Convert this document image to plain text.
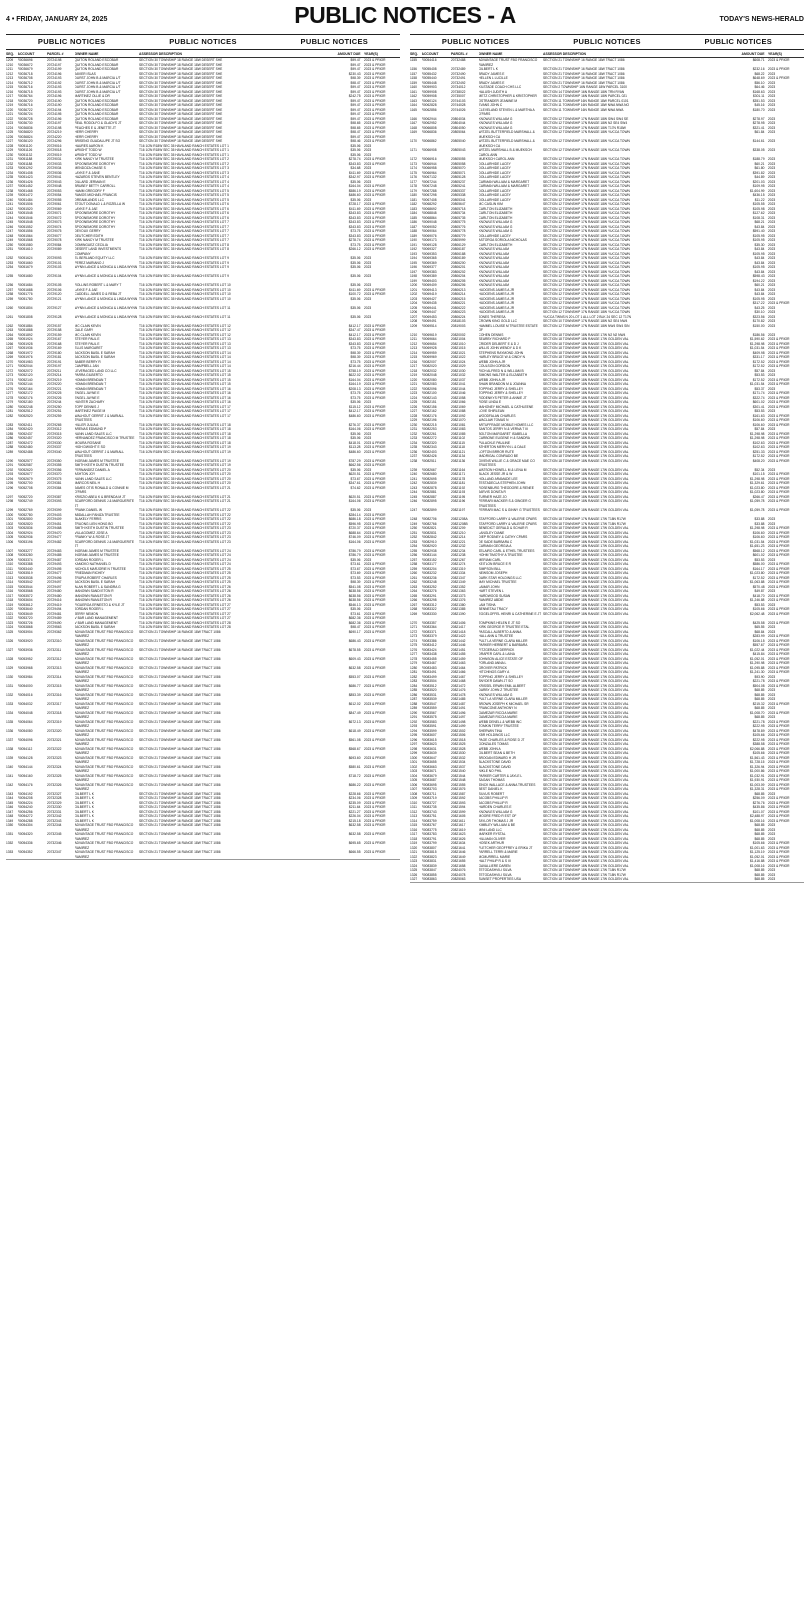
4 • FRIDAY, JANUARY 24, 2025	PUBLIC NOTICES - A	TODAY'S NEWS-HERALD
PUBLIC NOTICES	PUBLIC NOTICES	PUBLIC NOTICES
SEQ. ACCOUNT	PARCEL #	OWNER NAME	ASSESSOR DESCRIPTION	AMOUNT DUE	YEAR(S)
1209	R0036696	20724198	QUITON ROLAND ESCOBAR	SECTION 30 TOWNSHIP 18 RANGE 18W DESERT SHE	$99.47	2023 & PRIOR
1210	R0036672	20724197	QUITON ROLAND ESCOBAR	SECTION 30 TOWNSHIP 18 RANGE 18W DESERT SHE	$99.47	2023 & PRIOR
1211	R0036679	20724199	QUITON ROLAND ESCOBAR	SECTION 30 TOWNSHIP 18 RANGE 18W DESERT SHE	$99.47	2023 & PRIOR
1212	R0036718	20724196	JAVIER ISLAS	SECTION 30 TOWNSHIP 18 RANGE 18W DESERT SHE	$230.43	2023 & PRIOR
1213	R0036708	20724193	DURST JOHN B & MARCIA L/T	SECTION 30 TOWNSHIP 18 RANGE 18W DESERT SHE	$98.39	2023 & PRIOR
1214	R0036712	20724192	DURST JOHN B & MARCIA L/T	SECTION 30 TOWNSHIP 18 RANGE 18W DESERT SHE	$98.47	2023 & PRIOR
1215	R0036716	20724193	DURST JOHN B & MARCIA L/T	SECTION 30 TOWNSHIP 18 RANGE 18W DESERT SHE	$99.47	2023 & PRIOR
1216	R0036715	20724193	DURST JOHN B & MARCIA L/T	SECTION 30 TOWNSHIP 18 RANGE 18W DESERT SHE	$99.47	2023 & PRIOR
1217	R0036764	20724196	MARTINEZ OLLIE & DR	SECTION 30 TOWNSHIP 18 RANGE 18W DESERT SHE	$242.75	2023 & PRIOR
1218	R0036720	20724190	QUITON ROLAND ESCOBAR	SECTION 30 TOWNSHIP 18 RANGE 18W DESERT SHE	$99.47	2023 & PRIOR
1219	R0036716	20724190	QUITON ROLAND ESCOBAR	SECTION 30 TOWNSHIP 18 RANGE 18W DESERT SHE	$99.47	2023 & PRIOR
1220	R0036722	20724194	QUITON ROLAND ESCOBAR	SECTION 30 TOWNSHIP 18 RANGE 18W DESERT SHE	$99.47	2023 & PRIOR
1221	R0036724	20724195	QUITON ROLAND ESCOBAR	SECTION 30 TOWNSHIP 18 RANGE 18W DESERT SHE	$99.47	2023 & PRIOR
1222	R0036728	20724196	QUITON ROLAND ESCOBAR	SECTION 30 TOWNSHIP 18 RANGE 18W DESERT SHE	$99.47	2023 & PRIOR
1223	R0036730	20724197	REAL RODOLFO & GLADYS JT	SECTION 30 TOWNSHIP 18 RANGE 18W DESERT SHE	$98.65	2023 & PRIOR
1224	R0036836	20724198	PEACHES E & JENETTE JT	SECTION 30 TOWNSHIP 18 RANGE 18W DESERT SHE	$98.65	2023 & PRIOR
1225	R0036820	20724219	HERR CHERRY	SECTION 30 TOWNSHIP 18 RANGE 18W DESERT SHE	$98.47	2023 & PRIOR
1226	R0036824	20724220	HERR CHERRY	SECTION 30 TOWNSHIP 18 RANGE 18W DESERT SHE	$99.47	2023 & PRIOR
1227	R0036120	20724296	BRISENO GUADALUPE JT SO	SECTION 30 TOWNSHIP 18 RANGE 18W DESERT SHE	$98.46	2023 & PRIOR
1228	R0051120	20729016	HAURES AARON K	T16 1/2N R18W SEC 35 HAVILAND RANCH ESTATES LOT 1	$35.06	2023
1229	R0051126	20729018	WRIGHT TODD W	T16 1/2N R18W SEC 35 HAVILAND RANCH ESTATES LOT 1	$35.06	2023
1230	R0051132	20729019	WRIGHT TODD W	T16 1/2N R18W SEC 35 HAVILAND RANCH ESTATES LOT 1	$35.06	2023
1231	R0051188	20729031	KIRK NANCY M TRUSTEE	T16 1/2N R18W SEC 35 HAVILAND RANCH ESTATES LOT 2	$278.74	2023 & PRIOR
1232	R0051188	20729033	SPOONEMORE DOROTHY	T16 1/2N R18W SEC 35 HAVILAND RANCH ESTATES LOT 2	$343.83	2023 & PRIOR
1233	R0051292	20729034	MENDOZA CHASE S	T16 1/2N R18W SEC 35 HAVILAND RANCH ESTATES LOT 3	$34.68	2023
1234	R0051408	20729036	LAYKE F & JANE	T16 1/2N R18W SEC 35 HAVILAND RANCH ESTATES LOT 3	$411.69	2023 & PRIOR
1235	R0051423	20729041	HAZARDS STEVEN BENTLEY	T16 1/2N R18W SEC 35 HAVILAND RANCH ESTATES LOT 4	$342.97	2023 & PRIOR
1236	R0051426	20729043	DILLARD JERMAN E	T16 1/2N R18W SEC 35 HAVILAND RANCH ESTATES LOT 4	$35.06	2023
1237	R0051452	20729048	BRUBEY BETTY CARROLL	T16 1/2N R18W SEC 35 HAVILAND RANCH ESTATES LOT 4	$164.04	2023 & PRIOR
1238	R0051468	20729053	HAMM GREGORY F	T16 1/2N R18W SEC 35 HAVILAND RANCH ESTATES LOT 5	$586.19	2023 & PRIOR
1239	R0051472	20729054	RAMOS MICHAEL FRANCIS	T16 1/2N R18W SEC 35 HAVILAND RANCH ESTATES LOT 5	$486.60	2023 & PRIOR
1240	R0051484	20729055	DREAMLANDS LLC	T16 1/2N R18W SEC 35 HAVILAND RANCH ESTATES LOT 5	$35.06	2023
1241	R0051506	20729061	STOUT DONALD L & ROZELLA W	T16 1/2N R18W SEC 35 HAVILAND RANCH ESTATES LOT 6	$728.17	2023 & PRIOR
1242	R0051520	20729069	LAYKE F & JAE	T16 1/2N R18W SEC 35 HAVILAND RANCH ESTATES LOT 6	$411.69	2023 & PRIOR
1243	R0051548	20729071	SPOONEMORE DOROTHY	T16 1/2N R18W SEC 35 HAVILAND RANCH ESTATES LOT 6	$343.83	2023 & PRIOR
1244	R0051546	20729072	SPOONEMORE DOROTHY	T16 1/2N R18W SEC 35 HAVILAND RANCH ESTATES LOT 6	$343.83	2023 & PRIOR
1245	R0051548	20729073	SPOONEMORE DOROTHY	T16 1/2N R18W SEC 35 HAVILAND RANCH ESTATES LOT 7	$343.83	2023 & PRIOR
1246	R0051552	20729074	SPOONEMORE DOROTHY	T16 1/2N R18W SEC 35 HAVILAND RANCH ESTATES LOT 7	$343.83	2023 & PRIOR
1247	R0051556	20729075	DEVOUX GERRY	T16 1/2N R18W SEC 35 HAVILAND RANCH ESTATES LOT 7	$73.75	2023 & PRIOR
1248	R0051564	20729077	DEUTCHER EDITH	T16 1/2N R18W SEC 35 HAVILAND RANCH ESTATES LOT 7	$343.83	2023 & PRIOR
1249	R0051568	20729078	KIRK NANCY M TRUSTEE	T16 1/2N R18W SEC 35 HAVILAND RANCH ESTATES LOT 7	$278.74	2023 & PRIOR
1250	R0051580	20729084	DOMINGUEZ CECILIA	T16 1/2N R18W SEC 35 HAVILAND RANCH ESTATES LOT 8	$73.75	2023 & PRIOR
1251	R0051610	20729089	DESERT LAND INVESTMENTS COMPANY
T16 1/2N R18W SEC 35 HAVILAND RANCH ESTATES LOT 8	$266.12	2023 & PRIOR
1252	R0051624	20729093	EL BERLAND EQUITY LLC	T16 1/2N R18W SEC 35 HAVILAND RANCH ESTATES LOT 9	$35.06	2023
1253	R0051660	20729101	PEREZ MARIANO J	T16 1/2N R18W SEC 35 HAVILAND RANCH ESTATES LOT 9	$35.06	2023
1254	R0051679	20729103	WYNN LANCE & MONICA & LINDA WYNN T16 1/2N R18W SEC 35 HAVILAND RANCH ESTATES LOT 9	$35.06	2023
1255	R0051680	20729104	WYNN LANCE & MONICA & LINDA WYNN T16 1/2N R18W SEC 35 HAVILAND RANCH ESTATES LOT 9	$35.06	2023
1256	R0051684	20729105	ROLLINS ROBERT L & MARY T	T16 1/2N R18W SEC 35 HAVILAND RANCH ESTATES LOT 10	$35.06	2023
1257	R0051688	20729106	LAYKE F & JAE	T16 1/2N R18W SEC 35 HAVILAND RANCH ESTATES LOT 10	$411.69	2023 & PRIOR
1258	R0051776	20729120	CADDELL JAMES D & REBA JT	T16 1/2N R18W SEC 35 HAVILAND RANCH ESTATES LOT 10	$100.72	2023 & PRIOR
1259	R0051780	20729121	WYNN LANCE & MONICA & LINDA WYNN T16 1/2N R18W SEC 35 HAVILAND RANCH ESTATES LOT 10	$35.06	2023
1260	R0051804	20729127	WYNN LANCE & MONICA & LINDA WYNN T16 1/2N R18W SEC 35 HAVILAND RANCH ESTATES LOT 11	$35.06	2023
1261	R0051808	20729128	WYNN LANCE & MONICA & LINDA WYNN T16 1/2N R18W SEC 35 HAVILAND RANCH ESTATES LOT 11	$35.06	2023
1262	R0051884	20729157	MC CLAIN KEVIN	T16 1/2N R18W SEC 35 HAVILAND RANCH ESTATES LOT 12	$412.17	2023 & PRIOR
1263	R0051888	20729158	GALE GARY	T16 1/2N R18W SEC 35 HAVILAND RANCH ESTATES LOT 12	$347.47	2023 & PRIOR
1264	R0051892	20729159	MC CLAIN KEVIN	T16 1/2N R18W SEC 35 HAVILAND RANCH ESTATES LOT 12	$412.17	2023 & PRIOR
1265	R0051924	20729167	STEYER PAUL E	T16 1/2N R18W SEC 35 HAVILAND RANCH ESTATES LOT 13	$343.83	2023 & PRIOR
1266	R0051928	20729168	STEYER PAUL E	T16 1/2N R18W SEC 35 HAVILAND RANCH ESTATES LOT 13	$343.83	2023 & PRIOR
1267	R0051936	20729169	ELLIS MARGARET	T16 1/2N R18W SEC 35 HAVILAND RANCH ESTATES LOT 13	$73.75	2023 & PRIOR
1268	R0051972	20729180	JACKSON BASIL E SARAH	T16 1/2N R18W SEC 35 HAVILAND RANCH ESTATES LOT 14	$98.39	2023 & PRIOR
1269	R0051976	20729181	JACKSON BASIL E SARAH	T16 1/2N R18W SEC 35 HAVILAND RANCH ESTATES LOT 14	$98.39	2023 & PRIOR
1270	R0051983	20729191	BABER BERRY R	T16 1/2N R18W SEC 35 HAVILAND RANCH ESTATES LOT 14	$73.75	2023 & PRIOR
1271	R0052044	20729197	CAMPBELL JAN	T16 1/2N R18W SEC 35 HAVILAND RANCH ESTATES LOT 14	$216.44	2023 & PRIOR
1272	R0052072	20729211	LEVERAGED LAND CO LLC	T16 1/2N R18W SEC 35 HAVILAND RANCH ESTATES LOT 15	$758.19	2023 & PRIOR
1273	R0052120	20729214	PARRA GILBERTO	T16 1/2N R18W SEC 35 HAVILAND RANCH ESTATES LOT 15	$622.02	2023 & PRIOR
1274	R0052140	20729219	HOMAN BRENDAN T	T16 1/2N R18W SEC 35 HAVILAND RANCH ESTATES LOT 15	$164.04	2023 & PRIOR
1275	R0052144	20729220	HOMAN BRENDAN T	T16 1/2N R18W SEC 35 HAVILAND RANCH ESTATES LOT 15	$164.19	2023 & PRIOR
1276	R0052164	20729221	HOMAN BRENDAN T	T16 1/2N R18W SEC 35 HAVILAND RANCH ESTATES LOT 16	$208.13	2023 & PRIOR
1277	R0052172	20729225	ENGEL JAYNE E	T16 1/2N R18W SEC 35 HAVILAND RANCH ESTATES LOT 16	$73.75	2023 & PRIOR
1278	R0052176	20729226	ENGEL JAYNE E	T16 1/2N R18W SEC 35 HAVILAND RANCH ESTATES LOT 16	$73.75	2023 & PRIOR
1279	R0052180	20729244	HUNTER ZACHARY	T16 1/2N R18W SEC 35 HAVILAND RANCH ESTATES LOT 16	$35.06	2023
1280	R0052248	20729250	TOPF DENNIS J	T16 1/2N R18W SEC 35 HAVILAND RANCH ESTATES LOT 17	$115.12	2023 & PRIOR
1281	R0052512	20729251	MARTINEZ PAIGE M	T16 1/2N R18W SEC 35 HAVILAND RANCH ESTATES LOT 17	$412.17	2023 & PRIOR
1282	R0052520	20729259	WALHOUT GERRIT J & MARIALL TRUSTEES
T16 1/2N R18W SEC 35 HAVILAND RANCH ESTATES LOT 17	$486.60	2023 & PRIOR
1283	R0052411	20729265	HILLER JULIA A	T16 1/2N R18W SEC 35 HAVILAND RANCH ESTATES LOT 18	$276.37	2023 & PRIOR
1284	R0052420	20729312	ARENAS EDMUND P	T16 1/2N R18W SEC 35 HAVILAND RANCH ESTATES LOT 18	$164.06	2023 & PRIOR
1285	R0052437	20729315	NUNN LAND SALES LLC	T16 1/2N R18W SEC 35 HAVILAND RANCH ESTATES LOT 18	$35.06	2023
1286	R0052457	20729320	HERNANDEZ FRANCISCO M TRUSTEE	T16 1/2N R18W SEC 35 HAVILAND RANCH ESTATES LOT 18	$35.06	2023
1287	R0052472	20729330	MOURA ROSANE	T16 1/2N R18W SEC 35 HAVILAND RANCH ESTATES LOT 18	$418.01	2023 & PRIOR
1288	R0052480	20729337	HIGH DWIGHT E SO	T16 1/2N R18W SEC 35 HAVILAND RANCH ESTATES LOT 19	$113.28	2023 & PRIOR
1289	R0052488	20729340	WALHOUT GERRIT J & MARIALL TRUSTEES
T16 1/2N R18W SEC 35 HAVILAND RANCH ESTATES LOT 19	$486.60	2023 & PRIOR
1290	R0052577	20729350	INGRAM JAMES M TRUSTEE	T16 1/2N R18W SEC 35 HAVILAND RANCH ESTATES LOT 19	$787.29	2023 & PRIOR
1291	R0052587	20729355	SMITH KEITH DUSTIN TRUSTEE	T16 1/2N R18W SEC 35 HAVILAND RANCH ESTATES LOT 19	$662.56	2023 & PRIOR
1292	R0052620	20729356	FERNANDEZ DANIEL A	T16 1/2N R18W SEC 35 HAVILAND RANCH ESTATES LOT 20	$35.06	2023
1293	R0052677	20729370	ASHTON JOY	T16 1/2N R18W SEC 35 HAVILAND RANCH ESTATES LOT 20	$620.51	2023 & PRIOR
1294	R0052679	20729375	NUNN LAND SALES LLC	T16 1/2N R18W SEC 35 HAVILAND RANCH ESTATES LOT 20	$73.67	2023 & PRIOR
1295	R0052700	20729381	MARCOS NEIL H	T16 1/2N R18W SEC 35 HAVILAND RANCH ESTATES LOT 20	$347.61	2023 & PRIOR
1296	R0052708	20729384	JAMES OTIS RONALD & CONNIE M O'PARS
T16 1/2N R18W SEC 35 HAVILAND RANCH ESTATES LOT 21	$74.62	2023 & PRIOR
1297	R0052720	20729387	KRISZIO ABEU K & BRENDA M JT	T16 1/2N R18W SEC 35 HAVILAND RANCH ESTATES LOT 21	$620.51	2023 & PRIOR
1298	R0052749	20729393	SCARFORD DENNIS J & MARGUERITE JT
T16 1/2N R18W SEC 35 HAVILAND RANCH ESTATES LOT 21	$164.06	2023 & PRIOR
1299	R0052769	20729399	FRANK DANIEL W	T16 1/2N R18W SEC 35 HAVILAND RANCH ESTATES LOT 22	$35.06	2023
1300	R0052780	20729403	ABDALLAH FANIZA TRUSTEE	T16 1/2N R18W SEC 35 HAVILAND RANCH ESTATES LOT 22	$284.14	2023 & PRIOR
1301	R0052800	20729409	BLAKELY FERRIS	T16 1/2N R18W SEC 35 HAVILAND RANCH ESTATES LOT 22	$686.18	2023 & PRIOR
1302	R0052820	20729451	TRUONG LIEN HONG BO	T16 1/2N R18W SEC 35 HAVILAND RANCH ESTATES LOT 22	$596.95	2023 & PRIOR
1303	R0052836	20729468	SMITH KEITH DUSTIN TRUSTEE	T16 1/2N R18W SEC 35 HAVILAND RANCH ESTATES LOT 23	$720.37	2023 & PRIOR
1304	R0052924	20729470	VILLAGOMEZ JOSE A	T16 1/2N R18W SEC 35 HAVILAND RANCH ESTATES LOT 23	$688.64	2023 & PRIOR
1305	R0052936	20729477	FRANKY W & ROSE JT	T16 1/2N R18W SEC 35 HAVILAND RANCH ESTATES LOT 23	$746.09	2023 & PRIOR
1306	R0053196	20729482	SCARFORD DENNIS J & MARGUERITE JT
T16 1/2N R18W SEC 35 HAVILAND RANCH ESTATES LOT 23	$164.06	2023 & PRIOR
1307	R0053277	20729483	INGRAM JAMES M TRUSTEE	T16 1/2N R18W SEC 35 HAVILAND RANCH ESTATES LOT 24	$786.79	2023 & PRIOR
1308	R0053280	20729485	INGRAM JAMES M TRUSTEE	T16 1/2N R18W SEC 35 HAVILAND RANCH ESTATES LOT 24	$786.79	2023 & PRIOR
1309	R0053374	20729487	JORDAN ROGER L	T16 1/2N R18W SEC 35 HAVILAND RANCH ESTATES LOT 24	$35.06	2023
1310	R0053388	20729493	KAMOKO NATHANIEL D	T16 1/2N R18W SEC 35 HAVILAND RANCH ESTATES LOT 24	$73.61	2023 & PRIOR
1311	R0053440	20729495	NICHOLS MARJORIE N TRUSTEE	T16 1/2N R18W SEC 35 HAVILAND RANCH ESTATES LOT 25	$73.67	2023 & PRIOR
1312	R0053519	20729477	FRIEDMAN RICHEY	T16 1/2N R18W SEC 35 HAVILAND RANCH ESTATES LOT 25	$73.69	2023 & PRIOR
1313	R0053538	20729496	TRUPIA ROBERT CHARLES	T16 1/2N R18W SEC 35 HAVILAND RANCH ESTATES LOT 25	$73.53	2023 & PRIOR
1314	R0053542	20729497	JACKSON BASIL E SARAH	T16 1/2N R18W SEC 35 HAVILAND RANCH ESTATES LOT 25	$98.39	2023 & PRIOR
1315	R0053544	20729497	ALAN ROBERT L & SANDRA G	T16 1/2N R18W SEC 35 HAVILAND RANCH ESTATES LOT 26	$541.08	2023 & PRIOR
1316	R0053568	20729480	MANOWN SANDI ETON R	T16 1/2N R18W SEC 35 HAVILAND RANCH ESTATES LOT 26	$638.56	2023 & PRIOR
1317	R0053572	20729480	MANOWN RAMLETON R	T16 1/2N R18W SEC 35 HAVILAND RANCH ESTATES LOT 26	$638.56	2023 & PRIOR
1318	R0053604	20729416	MANOWN RAMLETON R	T16 1/2N R18W SEC 35 HAVILAND RANCH ESTATES LOT 26	$638.56	2023 & PRIOR
1319	R0053612	20729419	FIGUEROA ERNESTO & KYLE JT	T16 1/2N R18W SEC 35 HAVILAND RANCH ESTATES LOT 27	$546.13	2023 & PRIOR
1320	R0053640	20729494	JORDAN ROGER L	T16 1/2N R18W SEC 35 HAVILAND RANCH ESTATES LOT 27	$35.06	2023
1321	R0053649	20729481	JERRY NEMON	T16 1/2N R18W SEC 35 HAVILAND RANCH ESTATES LOT 27	$73.61	2023 & PRIOR
1322	R0053720	20729489	V BAR LAND MANAGEMENT	T16 1/2N R18W SEC 35 HAVILAND RANCH ESTATES LOT 27	$682.36	2023 & PRIOR
1323	R0053726	20729490	V BAR LAND MANAGEMENT	T16 1/2N R18W SEC 35 HAVILAND RANCH ESTATES LOT 28	$682.36	2023 & PRIOR
1324	R0053868	20729563	JACKSON BASIL E SARAH	T16 1/2N R18W SEC 35 HAVILAND RANCH ESTATES LOT 28	$98.47	2023 & PRIOR
1325	R0053904	20729362	ADVANTAGE TRUST FBO FRANCISCO RAMIREZ
SECTION 21 TOWNSHIP 16 RANGE 18W TRACT 1086	$690.17	2023 & PRIOR
1326	R0053920	20732310	ADVANTAGE TRUST FBO FRANCISCO RAMIREZ
SECTION 21 TOWNSHIP 16 RANGE 18W TRACT 1086	$686.43	2023 & PRIOR
1327	R0053936	20732311	ADVANTAGE TRUST FBO FRANCISCO RAMIREZ
SECTION 21 TOWNSHIP 16 RANGE 18W TRACT 1086	$678.55	2023 & PRIOR
1328	R0053952	20732312	ADVANTAGE TRUST FBO FRANCISCO RAMIREZ
SECTION 21 TOWNSHIP 16 RANGE 18W TRACT 1086	$609.43	2023 & PRIOR
1329	R0053968	20732313	ADVANTAGE TRUST FBO FRANCISCO RAMIREZ
SECTION 21 TOWNSHIP 16 RANGE 18W TRACT 1086	$632.58	2023 & PRIOR
1330	R0053984	20732314	ADVANTAGE TRUST FBO FRANCISCO RAMIREZ
SECTION 21 TOWNSHIP 16 RANGE 18W TRACT 1086	$553.07	2023 & PRIOR
1331	R0054000	20732315	ADVANTAGE TRUST FBO FRANCISCO RAMIREZ
SECTION 21 TOWNSHIP 16 RANGE 18W TRACT 1086	$686.77	2023 & PRIOR
1332	R0054016	20732316	ADVANTAGE TRUST FBO FRANCISCO RAMIREZ
SECTION 21 TOWNSHIP 16 RANGE 18W TRACT 1086	$853.39	2023 & PRIOR
1333	R0054032	20732317	ADVANTAGE TRUST FBO FRANCISCO RAMIREZ
SECTION 21 TOWNSHIP 16 RANGE 18W TRACT 1086	$612.02	2023 & PRIOR
1334	R0054048	20732318	ADVANTAGE TRUST FBO FRANCISCO RAMIREZ
SECTION 21 TOWNSHIP 16 RANGE 18W TRACT 1086	$847.49	2023 & PRIOR
1335	R0054064	20732319	ADVANTAGE TRUST FBO FRANCISCO RAMIREZ
SECTION 21 TOWNSHIP 16 RANGE 18W TRACT 1086	$672.13	2023 & PRIOR
1336	R0054080	20732320	ADVANTAGE TRUST FBO FRANCISCO RAMIREZ
SECTION 21 TOWNSHIP 16 RANGE 18W TRACT 1086	$618.49	2023 & PRIOR
1337	R0054096	20732321	ADVANTAGE TRUST FBO FRANCISCO RAMIREZ
SECTION 21 TOWNSHIP 16 RANGE 18W TRACT 1086	$561.08	2023 & PRIOR
1338	R0054112	20732322	ADVANTAGE TRUST FBO FRANCISCO RAMIREZ
SECTION 21 TOWNSHIP 16 RANGE 18W TRACT 1086	$568.67	2023 & PRIOR
1339	R0054128	20732323	ADVANTAGE TRUST FBO FRANCISCO RAMIREZ
SECTION 21 TOWNSHIP 16 RANGE 18W TRACT 1086	$693.60	2023 & PRIOR
1340	R0054144	20732324	ADVANTAGE TRUST FBO FRANCISCO RAMIREZ
SECTION 21 TOWNSHIP 16 RANGE 18W TRACT 1086	$580.61	2023 & PRIOR
1341	R0054160	20732325	ADVANTAGE TRUST FBO FRANCISCO RAMIREZ
SECTION 21 TOWNSHIP 16 RANGE 18W TRACT 1086	$718.72	2023 & PRIOR
1342	R0054176	20732326	ADVANTAGE TRUST FBO FRANCISCO RAMIREZ
SECTION 21 TOWNSHIP 16 RANGE 18W TRACT 1086	$686.22	2023 & PRIOR
1343	R0054192	20732327	GILBERT L K	SECTION 21 TOWNSHIP 16 RANGE 18W TRACT 1086	$228.66	2023 & PRIOR
1344	R0054208	20732328	GILBERT L K	SECTION 21 TOWNSHIP 16 RANGE 18W TRACT 1086	$234.06	2023 & PRIOR
1345	R0054224	20732329	GILBERT L K	SECTION 21 TOWNSHIP 16 RANGE 18W TRACT 1086	$235.09	2023 & PRIOR
1346	R0054240	20732330	GILBERT L K	SECTION 21 TOWNSHIP 16 RANGE 18W TRACT 1086	$211.64	2023 & PRIOR
1347	R0054256	20732331	GILBERT L K	SECTION 21 TOWNSHIP 16 RANGE 18W TRACT 1086	$221.27	2023 & PRIOR
1348	R0054272	20732342	GILBERT L K	SECTION 21 TOWNSHIP 16 RANGE 18W TRACT 1086	$226.04	2023 & PRIOR
1349	R0054288	20732343	GILBERT L K	SECTION 21 TOWNSHIP 16 RANGE 18W TRACT 1086	$215.18	2023 & PRIOR
1350	R0054304	20732344	ADVANTAGE TRUST FBO FRANCISCO RAMIREZ
SECTION 21 TOWNSHIP 16 RANGE 18W TRACT 1086	$632.58	2023 & PRIOR
1351	R0054320	20732345	ADVANTAGE TRUST FBO FRANCISCO RAMIREZ
SECTION 21 TOWNSHIP 16 RANGE 18W TRACT 1086	$632.58	2023 & PRIOR
1352	R0054336	20732346	ADVANTAGE TRUST FBO FRANCISCO RAMIREZ
SECTION 21 TOWNSHIP 16 RANGE 18W TRACT 1086	$695.65	2023 & PRIOR
1353	R0054352	20732347	ADVANTAGE TRUST FBO FRANCISCO RAMIREZ
SECTION 21 TOWNSHIP 16 RANGE 18W TRACT 1086	$666.55	2023 & PRIOR
PUBLIC NOTICES	PUBLIC NOTICES	PUBLIC NOTICES
SEQ. ACCOUNT	PARCEL #	OWNER NAME	ASSESSOR DESCRIPTION	AMOUNT DUE	YEAR(S)
1155	R0054416	20732488	ADVANTAGE TRUST FBO FRANCISCO RAMIREZ
SECTION 21 TOWNSHIP 16 RANGE 18W TRACT 1086	$608.71	2023 & PRIOR
1156	R0055408	20732489	GILBERT L K	SECTION 21 TOWNSHIP 16 RANGE 18W TRACT 1086	$232.16	2023 & PRIOR
1157	R0055432	20732490	BRADY JAMES E	SECTION 21 TOWNSHIP 16 RANGE 18W TRACT 1086	$68.22	2023
1158	R0055440	20732491	HELLEN L LUCILLE	SECTION 21 TOWNSHIP 16 RANGE 18W TRACT 1086	$648.69	2023 & PRIOR
1159	R0055448	20732492	BRADY JAMES E	SECTION 21 TOWNSHIP 16 RANGE 18W TRACT 1086	$56.10	2023
1160	R0059903	20734012	KILSTADE COACH CHS LLC	SECTION 2 TOWNSHIP 16N RANGE 18W PARCEL 3100	$64.46	2023
1161	R0059908	20738022	HALUSH JUDITH A	SECTION 14 TOWNSHIP 16N RANGE 18W TRN RYAN	$168.63	2023
1162	R0059908	20735007	METZ CHRISTOPHER & KRISTOPHER	SECTION 33 TOWNSHIP 16N RANGE 18W PARCEL 021	$301.11	2023
1163	R0060124	20744103	OSTRANDER JEANINE M	SECTION 11 TOWNSHIP 16N RANGE 18W PARCEL 0101	$351.53	2023
1164	R0062828	20744028	EVANS JOHN C	SECTION 11 TOWNSHIP 16N RANGE 18W NWA NWA NO	$45.16	2023
1165	R0062856	20744026	CLEVELAND STEVEN L & MARTHA A O'PARS
SECTION 11 TOWNSHIP 16N RANGE 18W NWA NWA	$180.70	2023
1166	R0062944	20804034	KNOWLES WILLIAM G	SECTION 12 TOWNSHIP 17N RANGE 18W SW4 SW4 SE	$278.97	2023
1167	R0062952	20804044	KNOWLES WILLIAM G	SECTION 12 TOWNSHIP 17N RANGE 18W N2 SE4 SW4	$278.95	2023
1168	R0066808	20804050	KNOWLES WILLIAM G	SECTION 12 TOWNSHIP 17N RANGE 18W T17N R18W	$321.41	2023
1169	R0066836	20805064	WITZEL BUTTERFIELD MARSHALL & MUEKSCH CA
SECTION 12 TOWNSHIP 17N RANGE 18W YUCCA TOWN	$61.84	2023
1170	R0066862	20805040	WITZEL BUTTERFIELD MARSHALL & MUEKSCH CA
SECTION 12 TOWNSHIP 17N RANGE 18W YUCCA TOWN	$144.61	2023
1171	R0066908	20805043	WITZEL MARSHALL B & MUEKSCH CAROL ANN
SECTION 12 TOWNSHIP 17N RANGE 18W YUCCA TOWN	$338.05	2023
1172	R0066916	20805055	MUEKSCH CAROL ANN	SECTION 12 TOWNSHIP 17N RANGE 18W YUCCA TOWN	$188.79	2023
1173	R0066944	20805058	DOLLARHIDE LACEY	SECTION 12 TOWNSHIP 17N RANGE 18W YUCCA TOWN	$60.21	2023
1174	R0066958	20805070	DOLLARHIDE LACEY	SECTION 12 TOWNSHIP 17N RANGE 18W YUCCA TOWN	$61.80	2023
1175	R0066964	20805071	DOLLARHIDE LACEY	SECTION 12 TOWNSHIP 17N RANGE 18W YUCCA TOWN	$391.82	2023
1176	R0067132	20805128	DOLLARHIDE LACEY	SECTION 12 TOWNSHIP 17N RANGE 18W YUCCA TOWN	$44.89	2023
1177	R0067244	20805237	CARMAN WILLIAM & MARGARET	SECTION 12 TOWNSHIP 17N RANGE 18W YUCCA TOWN	$201.03	2023
1178	R0067248	20805241	CARMAN WILLIAM & MARGARET	SECTION 12 TOWNSHIP 17N RANGE 18W YUCCA TOWN	$109.95	2023
1179	R0067288	20805337	DOLLARHIDE LACEY	SECTION 12 TOWNSHIP 17N RANGE 18W YUCCA TOWN	$1,604.99	2023
1180	R0067298	20805338	DOLLARHIDE LACEY	SECTION 12 TOWNSHIP 17N RANGE 18W YUCCA TOWN	$436.15	2023
1181	R0067408	20805341	DOLLARHIDE LACEY	SECTION 12 TOWNSHIP 17N RANGE 18W YUCCA TOWN	$11.22	2023
1182	R0068292	20805647	MC CASLIN KIM	SECTION 12 TOWNSHIP 17N RANGE 18W YUCCA TOWN	$105.55	2023
1183	R0068692	20805718	CARLTON ELIZABETH	SECTION 12 TOWNSHIP 17N RANGE 18W YUCCA TOWN	$105.98	2023
1184	R0068848	20805734	CARLTON ELIZABETH	SECTION 12 TOWNSHIP 17N RANGE 18W YUCCA TOWN	$127.62	2023
1185	R0068864	20805735	CARLTON ELIZABETH	SECTION 12 TOWNSHIP 17N RANGE 18W YUCCA TOWN	$108.31	2023
1186	R0069048	20805775	KNOWLES WILLIAM G	SECTION 12 TOWNSHIP 17N RANGE 18W YUCCA TOWN	$68.21	2023
1187	R0069052	20805776	KNOWLES WILLIAM G	SECTION 12 TOWNSHIP 17N RANGE 18W YUCCA TOWN	$43.84	2023
1188	R0069064	20805778	KNOWLES WILLIAM G	SECTION 12 TOWNSHIP 17N RANGE 18W YUCCA TOWN	$591.40	2023
1189	R0069076	20805779	DOLLARHIDE LACEY	SECTION 12 TOWNSHIP 17N RANGE 18W YUCCA TOWN	$105.95	2023
1190	R0069173	20805999	ASTORGA SORIOLA NICHOLAS	SECTION 12 TOWNSHIP 17N RANGE 18W YUCCA TOWN	$105.95	2023
1191	R0069128	20806129	CARLTON ELIZABETH	SECTION 12 TOWNSHIP 17N RANGE 18W YUCCA TOWN	$35.30	2023
1192	R0069327	20806187	KNOWLES WILLIAM	SECTION 12 TOWNSHIP 17N RANGE 18W YUCCA TOWN	$43.84	2023
1193	R0069353	20806188	KNOWLES WILLIAM	SECTION 12 TOWNSHIP 17N RANGE 18W YUCCA TOWN	$105.95	2023
1194	R0069365	20806189	KNOWLES WILLIAM	SECTION 12 TOWNSHIP 17N RANGE 18W YUCCA TOWN	$43.84	2023
1195	R0069369	20806200	KNOWLES WILLIAM	SECTION 12 TOWNSHIP 17N RANGE 18W YUCCA TOWN	$43.84	2023
1196	R0069377	20806201	KNOWLES WILLIAM	SECTION 12 TOWNSHIP 17N RANGE 18W YUCCA TOWN	$105.95	2023
1197	R0069383	20806202	KNOWLES WILLIAM	SECTION 12 TOWNSHIP 17N RANGE 18W YUCCA TOWN	$43.84	2023
1198	R0069389	20806204	KNOWLES WILLIAM	SECTION 12 TOWNSHIP 17N RANGE 18W YUCCA TOWN	$598.43	2023
1199	R0069403	20806205	KNOWLES WILLIAM	SECTION 12 TOWNSHIP 17N RANGE 18W YUCCA TOWN	$194.22	2023
1200	R0069409	20806206	KNOWLES WILLIAM	SECTION 12 TOWNSHIP 17N RANGE 18W YUCCA TOWN	$60.21	2023
1201	R0069413	20806213	HUDGENS JAMES A JR	SECTION 12 TOWNSHIP 17N RANGE 18W YUCCA TOWN	$43.84	2023
1202	R0069419	20806214	HUDGENS JAMES A JR	SECTION 12 TOWNSHIP 17N RANGE 18W YUCCA TOWN	$43.84	2023
1203	R0069427	20806215	HUDGENS JAMES A JR	SECTION 12 TOWNSHIP 17N RANGE 18W YUCCA TOWN	$105.95	2023
1204	R0069435	20806221	HUDGENS JAMES A JR	SECTION 12 TOWNSHIP 17N RANGE 18W YUCCA TOWN	$317.22	2023 & PRIOR
1205	R0069441	20806222	HUDGENS JAMES A JR	SECTION 12 TOWNSHIP 17N RANGE 18W YUCCA TOWN	$43.25	2023
1206	R0069447	20806223	HUDGENS JAMES A JR	SECTION 12 TOWNSHIP 17N RANGE 18W YUCCA TOWN	$30.10	2023
1207	R0069453	20806224	JONES THERESA	YUCCA TWNS N 20 LOT 1 ALL LOT 2 BLK 24 SEC 12 T17N	$323.56	2023
1208	R0069491	20818103	CROWN KING GOLD LLC	SECTION 10 TOWNSHIP 17N RANGE 18W N2 SE4 NW4	$170.82	2023
1209	R0069514	20819003	HAMMEL LOUISE M TRUSTEE ESTATE OF
SECTION 12 TOWNSHIP 17N RANGE 18W NW4 SW4 SIN	$150.00	2023
1210	R0069619	20820002	COHEN DENNIS	SECTION 18 TOWNSHIP 18N RANGE 17W N2 N2 NW4	$186.56	2023
1211	R0069664	20821004	SEARBY RICHARD P	SECTION 18 TOWNSHIP 18N RANGE 17W GOLDEN VAL	$1,590.62	2023 & PRIOR
1212	R0069654	20821010	CRIDER DELBERT E & D J	SECTION 18 TOWNSHIP 18N RANGE 17W GOLDEN VAL	$1,298.98	2023 & PRIOR
1213	R0069928	20821015	WILLIS JOHN WENDY & D K	SECTION 18 TOWNSHIP 18N RANGE 17W GOLDEN VAL	$1,031.54	2023 & PRIOR
1214	R0069959	20821021	STEPHENS RAYMOND JOHN	SECTION 18 TOWNSHIP 18N RANGE 17W GOLDEN VAL	$409.98	2023 & PRIOR
1215	R0069969	20821022	HARLEY BRUCE W & CINDY N	SECTION 18 TOWNSHIP 18N RANGE 17W GOLDEN VAL	$331.17	2023 & PRIOR
1216	R0082007	20821024	WEBB JOHN A JR	SECTION 18 TOWNSHIP 18N RANGE 17W GOLDEN VAL	$172.52	2023 & PRIOR
1217	R0082020	20821029	COULSON GORDON	SECTION 18 TOWNSHIP 18N RANGE 17W GOLDEN VAL	$172.52	2023 & PRIOR
1218	R0082032	20821030	RICH ALFRED N & WILLIAM B	SECTION 18 TOWNSHIP 18N RANGE 17W GOLDEN VAL	$57.84	2023
1219	R0082048	20821032	SIMONS WALTER & ELIZABETH	SECTION 18 TOWNSHIP 18N RANGE 17W GOLDEN VAL	$53.53	2023
1220	R0082080	20821037	WEBB JOHN A JR	SECTION 18 TOWNSHIP 18N RANGE 17W GOLDEN VAL	$172.52	2023 & PRIOR
1221	R0082083	20821041	SHAW BRANDON M & JOANNA	SECTION 18 TOWNSHIP 18N RANGE 17W GOLDEN VAL	$1,031.54	2023 & PRIOR
1222	R0082096	20821044	TOPPING JERRY & SHELLEY	SECTION 18 TOWNSHIP 18N RANGE 17W GOLDEN VAL	$53.37	2023
1223	R0082100	20821046	TOPPING JERRY & SHELLEY	SECTION 18 TOWNSHIP 18N RANGE 17W GOLDEN VAL	$171.74	2023 & PRIOR
1224	R0082143	20821058	RODENKYS PETER & ANNIE JT	SECTION 18 TOWNSHIP 18N RANGE 17W GOLDEN VAL	$322.74	2023 & PRIOR
1225	R0082151	20821066	ROSE LINDA E	SECTION 18 TOWNSHIP 18N RANGE 17W GOLDEN VAL	$601.02	2023 & PRIOR
1226	R0082156	20821069	MAHONEY MICHAEL & CATHLEENE	SECTION 18 TOWNSHIP 18N RANGE 17W GOLDEN VAL	$301.41	2023 & PRIOR
1227	R0082162	20821088	LOVE SHIRLEAN	SECTION 18 TOWNSHIP 18N RANGE 17W GOLDEN VAL	$53.53	2023
1228	R0082176	20821092	WOODFALAN CHARLES	SECTION 18 TOWNSHIP 18N RANGE 17W GOLDEN VAL	$161.63	2023 & PRIOR
1229	R0082196	20821070	WACLAW TOMAS N	SECTION 18 TOWNSHIP 18N RANGE 17W GOLDEN VAL	$106.60	2023 & PRIOR
1230	R0082215	20821081	ARTUFFRAGE MOBILE HOMES LLC	SECTION 18 TOWNSHIP 18N RANGE 17W GOLDEN VAL	$106.60	2023 & PRIOR
1231	R0082253	20821083	SANTOS JERRY N & VERNA T III	SECTION 18 TOWNSHIP 18N RANGE 17W GOLDEN VAL	$57.84	2023
1232	R0082261	20821085	BOLTON MARGARET ISABELLA	SECTION 18 TOWNSHIP 18N RANGE 17W GOLDEN VAL	$1,298.98	2023 & PRIOR
1233	R0082272	20821102	CARBONE EUGENE H & SANDRA	SECTION 18 TOWNSHIP 18N RANGE 17W GOLDEN VAL	$1,298.98	2023 & PRIOR
1234	R0082320	20821115	PULACKLE PAULINE	SECTION 18 TOWNSHIP 18N RANGE 17W GOLDEN VAL	$102.63	2023 & PRIOR
1235	R0082343	20821118	ATHERTON MERVYN L & DALE	SECTION 18 TOWNSHIP 18N RANGE 17W GOLDEN VAL	$102.63	2023 & PRIOR
1236	R0082403	20821121	LOFTON BRROR RUTE	SECTION 18 TOWNSHIP 18N RANGE 17W GOLDEN VAL	$251.33	2023 & PRIOR
1237	R0082426	20821134	MADRIGAL CONRADO BE	SECTION 18 TOWNSHIP 18N RANGE 17W GOLDEN VAL	$172.52	2023 & PRIOR
1238	R0082511	20821136	GIVENS WILLIE C & GRACE MAE CO TRUSTEES
SECTION 18 TOWNSHIP 18N RANGE 17W GOLDEN VAL	$408.20	2023 & PRIOR
1239	R0082667	20821164	WATSON HOWELL M & LENA M	SECTION 18 TOWNSHIP 18N RANGE 17W GOLDEN VAL	$52.34	2023
1240	R0082680	20821171	BLACK JESSE JR & W	SECTION 18 TOWNSHIP 18N RANGE 17W GOLDEN VAL	$101.15	2023 & PRIOR
1241	R0082695	20821178	HOLLAND ARAMADE LEE	SECTION 18 TOWNSHIP 18N RANGE 17W GOLDEN VAL	$1,298.98	2023 & PRIOR
1242	R0082839	20821181	TESTADECLA STEPHEN JOHN	SECTION 18 TOWNSHIP 18N RANGE 17W GOLDEN VAL	$1,329.61	2023 & PRIOR
1243	R0082878	20821192	ROSENBURG THEODORE & RENEE	SECTION 18 TOWNSHIP 18N RANGE 17W GOLDEN VAL	$1,023.80	2023 & PRIOR
1244	R0082881	20821193	JARVIS DONITA R	SECTION 18 TOWNSHIP 18N RANGE 17W GOLDEN VAL	$1,023.80	2023 & PRIOR
1245	R0082887	20821195	TURNER HAZE JO	SECTION 18 TOWNSHIP 18N RANGE 17W GOLDEN VAL	$266.47	2023 & PRIOR
1246	R0082895	20821196	FERRARI MACKER S & GINGER G TRUSTEES
SECTION 18 TOWNSHIP 18N RANGE 17W GOLDEN VAL	$1,059.78	2023 & PRIOR
1247	R0082899	20821197	FERRARI MAC S & GINNY G TRUSTEES SECTION 18 TOWNSHIP 18N RANGE 17W GOLDEN VAL	$1,059.78	2023 & PRIOR
1248	R0082706	20821208A	STAFFORD LARRY & VALERIE CPARS	SECTION 18 TOWNSHIP 17N RANGE 17W T18N R17W	$33.88	2023
1249	R0082766	20821208B	STAFFORD LARRY & VALERIE CPARS	SECTION 18 TOWNSHIP 17N RANGE 17W T18N R17W	$33.88	2023
1250	R0082821	20821209	BENEDICT GERALD & SCHAR R	SECTION 18 TOWNSHIP 18N RANGE 17W GOLDEN VAL	$1,298.98	2023 & PRIOR
1251	R0082831	20821210	LANGLEY DIANE	SECTION 18 TOWNSHIP 18N RANGE 17W GOLDEN VAL	$106.60	2023 & PRIOR
1252	R0082842	20821214	DIEP RODNEY & CATHY CPARS	SECTION 18 TOWNSHIP 18N RANGE 17W GOLDEN VAL	$106.60	2023 & PRIOR
1253	R0082910	20821221	DE SADE BARBARA C	SECTION 18 TOWNSHIP 18N RANGE 17W GOLDEN VAL	$1,031.54	2023 & PRIOR
1254	R0082920	20821232	CARMAN GEORGIA A	SECTION 18 TOWNSHIP 18N RANGE 17W GOLDEN VAL	$1,651.23	2023 & PRIOR
1255	R0082938	20821234	ZELAIRO CARL & ETHEL TRUSTEES	SECTION 18 TOWNSHIP 18N RANGE 17W GOLDEN VAL	$568.12	2023 & PRIOR
1256	R0083144	20821238	HOHM TIMOTHY A TRUSTEE	SECTION 18 TOWNSHIP 18N RANGE 17W GOLDEN VAL	$601.02	2023 & PRIOR
1257	R0083152	20821267	MERIAM CARL	SECTION 18 TOWNSHIP 18N RANGE 17W GOLDEN VAL	$53.53	2023
1258	R0083177	20821274	KEITLON BRUCE E R	SECTION 18 TOWNSHIP 18N RANGE 17W GOLDEN VAL	$586.00	2023 & PRIOR
1259	R0083204	20821319	SIMPSON BILL	SECTION 18 TOWNSHIP 18N RANGE 17W GOLDEN VAL	$164.17	2023 & PRIOR
1260	R0083232	20821334	NEWSOM JOSEPH	SECTION 18 TOWNSHIP 18N RANGE 17W GOLDEN VAL	$1,023.80	2023 & PRIOR
1261	R0083236	20821347	DARK STAR HOLDINGS LLC	SECTION 18 TOWNSHIP 18N RANGE 17W GOLDEN VAL	$172.52	2023 & PRIOR
1262	R0083248	20821349	MAY MICHAEL TRUSTEE	SECTION 18 TOWNSHIP 18N RANGE 17W GOLDEN VAL	$1,063.88	2023 & PRIOR
1263	R0083252	20821352	LAMAR JOHN	SECTION 18 TOWNSHIP 18N RANGE 17W GOLDEN VAL	$570.48	2023 & PRIOR
1264	R0083276	20821363	HART STEVEN L	SECTION 18 TOWNSHIP 18N RANGE 17W GOLDEN VAL	$49.87	2023
1265	R0083291	20821373	HARDWOOD SUSAN	SECTION 18 TOWNSHIP 18N RANGE 17W GOLDEN VAL	$418.70	2023 & PRIOR
1266	R0083298	20821376	RAMIREZ ABDIE	SECTION 18 TOWNSHIP 18N RANGE 17W GOLDEN VAL	$1,246.88	2023 & PRIOR
1267	R0083312	20821380	LAM TISHA	SECTION 18 TOWNSHIP 18N RANGE 17W GOLDEN VAL	$53.53	2023
1268	R0083322	20821385	BENNETAU TRACY	SECTION 18 TOWNSHIP 18N RANGE 17W GOLDEN VAL	$105.66	2023 & PRIOR
1269	R0083330	20821390	EGGELOFFEL HENRI & CATHERINE E JT SECTION 18 TOWNSHIP 18N RANGE 17W GOLDEN VAL	$2,062.48	2023 & PRIOR
1270	R0083357	20821406	TOMPKINS HELEN E JT SO	SECTION 18 TOWNSHIP 18N RANGE 17W GOLDEN VAL	$425.58	2023 & PRIOR
1271	R0083364	20821417	KIRK GEORGE R TRUSTEE ETAL	SECTION 18 TOWNSHIP 18N RANGE 17W GOLDEN VAL	$65.55	2023
1272	R0083371	20821418	PASCALL ALBERTO & ANNA	SECTION 18 TOWNSHIP 18N RANGE 17W GOLDEN VAL	$68.84	2023
1273	R0083379	20821422	HALL ANN & TRUSTEE	SECTION 18 TOWNSHIP 18N RANGE 17W GOLDEN VAL	$283.99	2023 & PRIOR
1274	R0083386	20821442	PULT LA VERNE CLARA MILLER	SECTION 18 TOWNSHIP 18N RANGE 17W GOLDEN VAL	$106.15	2023 & PRIOR
1275	R0083412	20821446	PARKER HERBERT & BARBARA	SECTION 18 TOWNSHIP 18N RANGE 17W GOLDEN VAL	$557.67	2023 & PRIOR
1276	R0083424	20821451	FITZGERALD DERRICK	SECTION 18 TOWNSHIP 18N RANGE 17W GOLDEN VAL	$1,022.44	2023 & PRIOR
1277	R0083438	20821455	DRAPER CARL & LAINA	SECTION 18 TOWNSHIP 18N RANGE 17W GOLDEN VAL	$415.84	2023 & PRIOR
1278	R0083455	20821459	JOHNSON ALICE ESTATE OF	SECTION 18 TOWNSHIP 18N RANGE 17W GOLDEN VAL	$1,052.01	2023 & PRIOR
1279	R0083467	20821463	FORLAND ANNA L	SECTION 18 TOWNSHIP 18N RANGE 17W GOLDEN VAL	$1,290.98	2023 & PRIOR
1280	R0083483	20821464	GROVER PATRICK	SECTION 18 TOWNSHIP 18N RANGE 17W GOLDEN VAL	$1,095.88	2023 & PRIOR
1281	R0083491	20821466	HITCHINGS GARY A	SECTION 18 TOWNSHIP 18N RANGE 17W GOLDEN VAL	$1,241.30	2023 & PRIOR
1282	R0083499	20821467	TOPPING JERRY & SHELLEY	SECTION 18 TOWNSHIP 18N RANGE 17W GOLDEN VAL	$93.90	2023
1283	R0083504	20821468	SNYDER DAWN JT SO	SECTION 18 TOWNSHIP 18N RANGE 17W GOLDEN VAL	$221.78	2023 & PRIOR
1284	R0083512	20821472	KRISSEL ERWIN EMIL ALBERT	SECTION 18 TOWNSHIP 18N RANGE 17W GOLDEN VAL	$504.08	2023 & PRIOR
1285	R0083520	20821476	DARBY JOHN Z TRUSTEE	SECTION 18 TOWNSHIP 18N RANGE 17W GOLDEN VAL	$68.85	2023
1286	R0083531	20821478	KNOWLES WILLIAM G	SECTION 18 TOWNSHIP 18N RANGE 17W GOLDEN VAL	$68.85	2023
1287	R0083539	20821485	PULT LA VERNE CLARA MILLER	SECTION 18 TOWNSHIP 18N RANGE 17W GOLDEN VAL	$68.85	2023
1288	R0083547	20821487	BROWN JOSEPH K MICHAEL SR	SECTION 18 TOWNSHIP 18N RANGE 17W GOLDEN VAL	$215.32	2023 & PRIOR
1289	R0083559	20821491	FRANCONE ANTHONY N	SECTION 18 TOWNSHIP 18N RANGE 17W GOLDEN VAL	$68.85	2023
1290	R0083567	20821496	GAMEZAR RICCIA MARIE	SECTION 18 TOWNSHIP 18N RANGE 17W GOLDEN VAL	$1,008.70	2023 & PRIOR
1291	R0083575	20821497	GAMEZAR RICCIA MARIE	SECTION 18 TOWNSHIP 18N RANGE 17W GOLDEN VAL	$68.85	2023
1292	R0083583	20821498	WEBB DENELL & WEBB INC	SECTION 18 TOWNSHIP 18N RANGE 17W GOLDEN VAL	$221.78	2023 & PRIOR
1293	R0083591	20821499	TOMKIN TERRY TRUSTEE	SECTION 18 TOWNSHIP 18N RANGE 17W GOLDEN VAL	$222.95	2023 & PRIOR
1294	R0083599	20821502	SHERWIN TINA	SECTION 18 TOWNSHIP 18N RANGE 17W GOLDEN VAL	$478.89	2023 & PRIOR
1295	R0083607	20821506	KBR HOLDINGS LLC	SECTION 18 TOWNSHIP 18N RANGE 17W GOLDEN VAL	$105.66	2023 & PRIOR
1296	R0083615	20821518	PAGE CHARLES & ROSE D JT	SECTION 18 TOWNSHIP 18N RANGE 17W GOLDEN VAL	$222.95	2023 & PRIOR
1297	R0083623	20821525	GONZALES TOMAS	SECTION 18 TOWNSHIP 18N RANGE 17W GOLDEN VAL	$388.58	2023 & PRIOR
1298	R0083631	20821528	WEBB JOHN A	SECTION 18 TOWNSHIP 18N RANGE 17W GOLDEN VAL	$2,066.88	2023 & PRIOR
1299	R0083639	20821530	GILBERT SEAN & BETH	SECTION 18 TOWNSHIP 18N RANGE 17W GOLDEN VAL	$105.66	2023 & PRIOR
1300	R0083647	20821532	BROGAN EDWARD H JR	SECTION 18 TOWNSHIP 18N RANGE 17W GOLDEN VAL	$1,561.43	2023 & PRIOR
1301	R0083655	20821534	BLACKSTONE DAVID	SECTION 18 TOWNSHIP 18N RANGE 17W GOLDEN VAL	$1,728.15	2023 & PRIOR
1302	R0083663	20821537	BLACKSTONE DAVID	SECTION 18 TOWNSHIP 18N RANGE 17W GOLDEN VAL	$1,326.94	2023 & PRIOR
1303	R0083671	20821540	NIKLE NO PHIL	SECTION 18 TOWNSHIP 18N RANGE 17W GOLDEN VAL	$1,000.86	2023 & PRIOR
1304	R0083679	20821544	PARKER CARTER & JAYLE L	SECTION 18 TOWNSHIP 18N RANGE 17W GOLDEN VAL	$1,032.91	2023 & PRIOR
1305	R0083687	20821548	SAGAN THOMAS	SECTION 18 TOWNSHIP 18N RANGE 17W GOLDEN VAL	$1,930.91	2023 & PRIOR
1306	R0083695	20821555	ZINCK WALLACE & ANNA TRUSTEES	SECTION 18 TOWNSHIP 18N RANGE 17W GOLDEN VAL	$1,003.09	2023 & PRIOR
1307	R0083703	20821576	BEST DANIEL K	SECTION 18 TOWNSHIP 18N RANGE 17W GOLDEN VAL	$1,328.31	2023 & PRIOR
1308	R0083711	20821587	SILVUS ROBERT	SECTION 18 TOWNSHIP 18N RANGE 17W GOLDEN VAL	$68.85	2023
1309	R0083719	20821592	JACOBS PHILLIP R	SECTION 18 TOWNSHIP 18N RANGE 17W GOLDEN VAL	$256.09	2023 & PRIOR
1310	R0083727	20821593	JACOBS PHILLIP R	SECTION 18 TOWNSHIP 18N RANGE 17W GOLDEN VAL	$276.76	2023 & PRIOR
1311	R0083735	20821594	HARDEN CHARLES E	SECTION 18 TOWNSHIP 18N RANGE 17W GOLDEN VAL	$435.86	2023 & PRIOR
1312	R0083743	20821599	KNOWLES WILLIAM G	SECTION 18 TOWNSHIP 18N RANGE 17W GOLDEN VAL	$101.07	2023 & PRIOR
1313	R0083751	20821605	MOORE FRED R EST OF	SECTION 18 TOWNSHIP 18N RANGE 17W GOLDEN VAL	$2,488.97	2023 & PRIOR
1314	R0083759	20821611	TAYLOR THOMAS J JR	SECTION 18 TOWNSHIP 18N RANGE 17W GOLDEN VAL	$1,008.16	2023 & PRIOR
1315	R0083767	20821617	KIMBLEY WILLIAM & BE	SECTION 18 TOWNSHIP 18N RANGE 17W GOLDEN VAL	$68.85	2023
1316	R0083775	20821619	MINI LAND LLC	SECTION 18 TOWNSHIP 18N RANGE 17W GOLDEN VAL	$68.85	2023
1317	R0083783	20821623	MARKER RYSTAL	SECTION 18 TOWNSHIP 18N RANGE 17W GOLDEN VAL	$68.85	2023
1318	R0083791	20821626	HILLMAN OLIVER	SECTION 18 TOWNSHIP 18N RANGE 17W GOLDEN VAL	$68.85	2023
1319	R0083799	20821634	HOSEK ARTHUR	SECTION 18 TOWNSHIP 18N RANGE 17W GOLDEN VAL	$105.66	2023 & PRIOR
1320	R0083807	20821641	FLETCHER GEOFFREY & ERIKA JT	SECTION 18 TOWNSHIP 18N RANGE 17W GOLDEN VAL	$1,001.63	2023 & PRIOR
1321	R0083815	20821646	FARRELL TERRI & MARIE	SECTION 18 TOWNSHIP 18N RANGE 17W GOLDEN VAL	$1,125.19	2023 & PRIOR
1322	R0083823	20821649	MCMURRELL MARIE	SECTION 18 TOWNSHIP 18N RANGE 17W GOLDEN VAL	$1,052.01	2023 & PRIOR
1323	R0083831	20821655	HALT PHILIP R & S III	SECTION 18 TOWNSHIP 18N RANGE 17W GOLDEN VAL	$1,416.88	2023 & PRIOR
1324	R0083839	20821658	GAVALLIERE DAREN	SECTION 18 TOWNSHIP 18N RANGE 17W GOLDEN VAL	$1,008.16	2023 & PRIOR
1325	R0083847	20824076	TETODASHVILI SILVA	SECTION 18 TOWNSHIP 18N RANGE 17W T18N R17W	$68.85	2023
1326	R0083855	20824078	TETODASHVILI SILVA	SECTION 18 TOWNSHIP 18N RANGE 17W T18N R17W	$68.85	2023
1327	R0083863	20825063	SUNSET PROPERTIES USA	SECTION 18 TOWNSHIP 18N RANGE 17W GOLDEN VAL	$68.85	2023
